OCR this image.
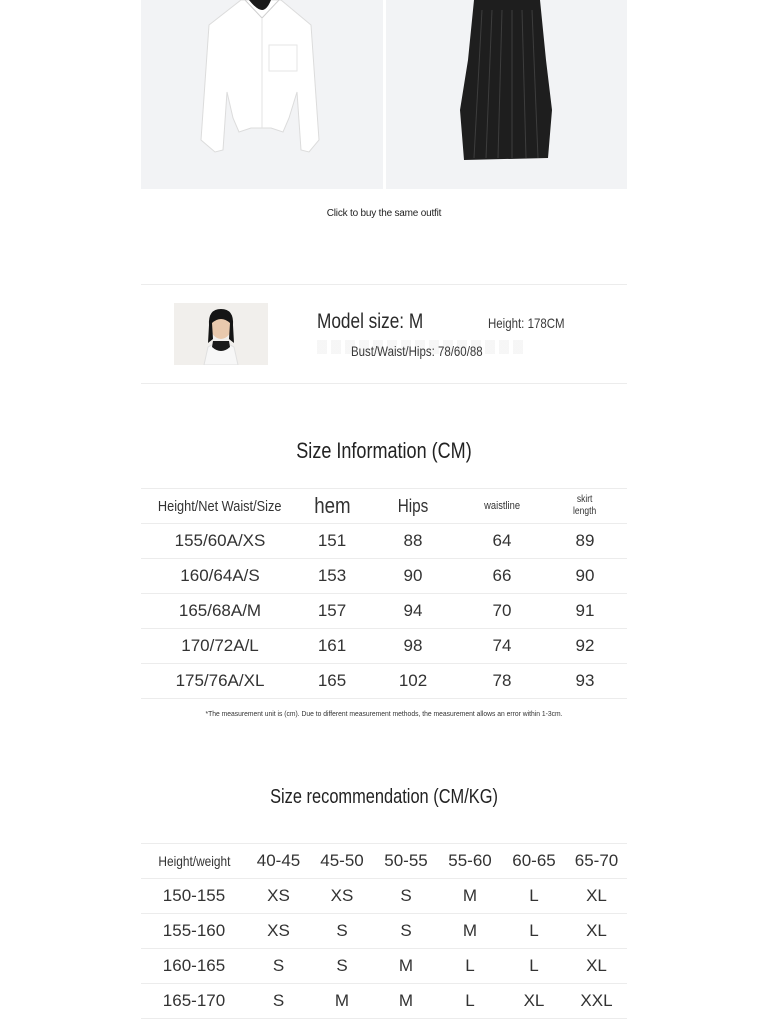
Click to buy the same outfit
Model size: M	Height: 178CM
Bust/Waist/Hips: 78/60/88
Size Information (CM)
Height/Net Waist/Size	hem	Hips	waistline	skirt
length
155/60A/XS	151	88	64	89
160/64A/S	153	90	66	90
165/68A/M	157	94	70	91
170/72A/L	161	98	74	92
175/76A/XL	165	102	78	93
*The measurement unit is (cm). Due to different measurement methods, the measurement allows an error within 1-3cm.
Size recommendation (CM/KG)
Height/weight	40-45	45-50	50-55	55-60	60-65	65-70
150-155	XS	XS	S	M	L	XL
155-160	XS	S	S	M	L	XL
160-165	S	S	M	L	L	XL
165-170	S	M	M	L	XL	XXL
